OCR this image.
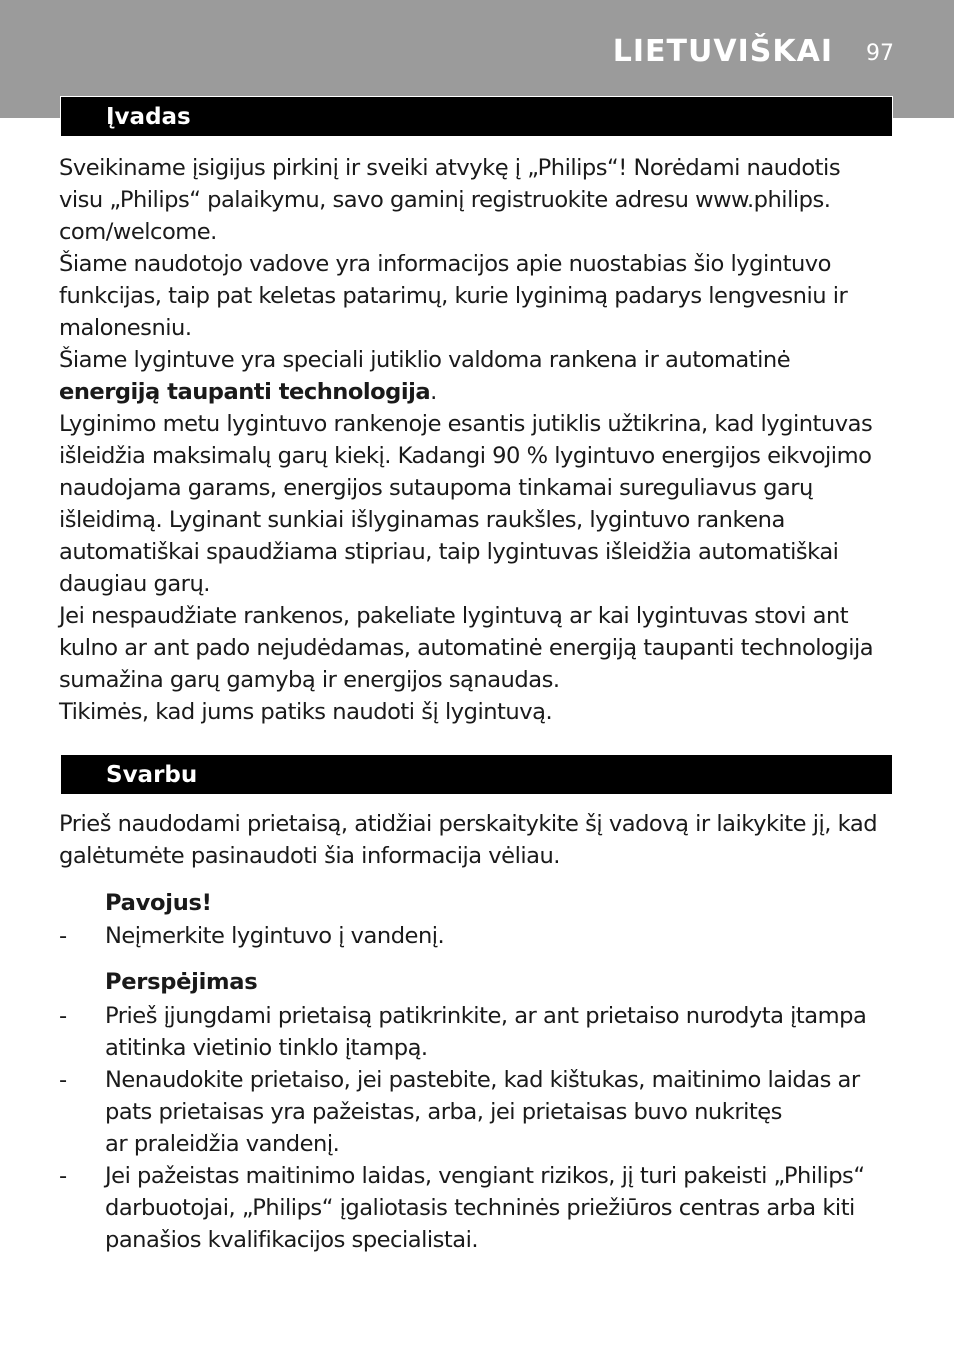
LIETUVIŠKAI	97
Įvadas

Sveikiname įsigijus pirkinį ir sveiki atvykę į „Philips“! Norėdami naudotis
visu „Philips“ palaikymu, savo gaminį registruokite adresu www.philips.
com/welcome.

Šiame naudotojo vadove yra informacijos apie nuostabias šio lygintuvo
funkcijas, taip pat keletas patarimų, kurie lyginimą padarys lengvesniu ir
malonesniu.

Šiame lygintuve yra speciali jutiklio valdoma rankena ir automatinė
energiją taupanti technologija.

Lyginimo metu lygintuvo rankenoje esantis jutiklis užtikrina, kad lygintuvas
išleidžia maksimalų garų kiekį. Kadangi 90 % lygintuvo energijos eikvojimo
naudojama garams, energijos sutaupoma tinkamai sureguliavus garų
išleidimą. Lyginant sunkiai išlyginamas raukšles, lygintuvo rankena
automatiškai spaudžiama stipriau, taip lygintuvas išleidžia automatiškai
daugiau garų.

Jei nespaudžiate rankenos, pakeliate lygintuvą ar kai lygintuvas stovi ant
kulno ar ant pado nejudėdamas, automatinė energiją taupanti technologija
sumažina garų gamybą ir energijos sąnaudas.

Tikimės, kad jums patiks naudoti šį lygintuvą.

Svarbu

Prieš naudodami prietaisą, atidžiai perskaitykite šį vadovą ir laikykite jį, kad
galėtumėte pasinaudoti šia informacija vėliau.

Pavojus!
-	Neįmerkite lygintuvo į vandenį.
Perspėjimas
-	Prieš įjungdami prietaisą patikrinkite, ar ant prietaiso nurodyta įtampa
atitinka vietinio tinklo įtampą.
-	Nenaudokite prietaiso, jei pastebite, kad kištukas, maitinimo laidas ar
pats prietaisas yra pažeistas, arba, jei prietaisas buvo nukritęs
ar praleidžia vandenį.
-	Jei pažeistas maitinimo laidas, vengiant rizikos, jį turi pakeisti „Philips“
darbuotojai, „Philips“ įgaliotasis techninės priežiūros centras arba kiti
panašios kvalifikacijos specialistai.
